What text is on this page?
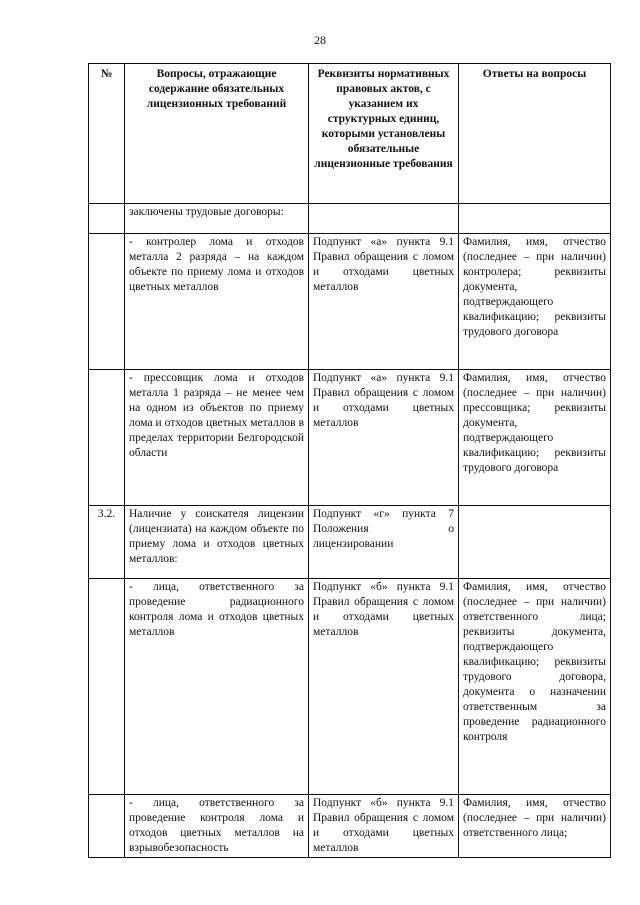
28
№	Вопросы, отражающие содержание обязательных лицензионных требований	Реквизиты нормативных правовых актов, с указанием их структурных единиц, которыми установлены обязательные лицензионные требования	Ответы на вопросы
	заключены трудовые договоры:		
	- контролер лома и отходов металла 2 разряда – на каждом объекте по приему лома и отходов цветных металлов	Подпункт «а» пункта 9.1 Правил обращения с ломом и отходами цветных металлов	Фамилия, имя, отчество (последнее – при наличии) контролера; реквизиты документа, подтверждающего квалификацию; реквизиты трудового договора
	- прессовщик лома и отходов металла 1 разряда – не менее чем на одном из объектов по приему лома и отходов цветных металлов в пределах территории Белгородской области	Подпункт «а» пункта 9.1 Правил обращения с ломом и отходами цветных металлов	Фамилия, имя, отчество (последнее – при наличии) прессовщика; реквизиты документа, подтверждающего квалификацию; реквизиты трудового договора
3.2.	Наличие у соискателя лицензии (лицензиата) на каждом объекте по приему лома и отходов цветных металлов:	Подпункт «г» пункта 7 Положения о лицензировании	
	- лица, ответственного за проведение радиационного контроля лома и отходов цветных металлов	Подпункт «б» пункта 9.1 Правил обращения с ломом и отходами цветных металлов	Фамилия, имя, отчество (последнее – при наличии) ответственного лица; реквизиты документа, подтверждающего квалификацию; реквизиты трудового договора, документа о назначении ответственным за проведение радиационного контроля
	- лица, ответственного за проведение контроля лома и отходов цветных металлов на взрывобезопасность	Подпункт «б» пункта 9.1 Правил обращения с ломом и отходами цветных металлов	Фамилия, имя, отчество (последнее – при наличии) ответственного лица;
